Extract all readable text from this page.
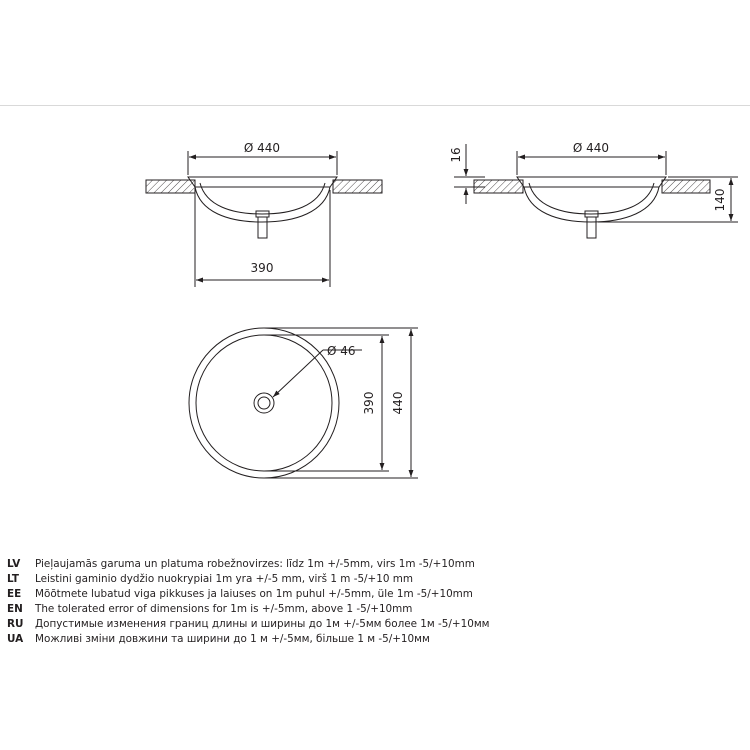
Ø 440
390
Ø 440
16
140
Ø 46
390 440
LV Pieļaujamās garuma un platuma robežnovirzes: līdz 1m +/-5mm, virs 1m -5/+10mm
LT Leistini gaminio dydžio nuokrypiai 1m yra +/-5 mm, virš 1 m -5/+10 mm
EE Mõõtmete lubatud viga pikkuses ja laiuses on 1m puhul +/-5mm, üle 1m -5/+10mm
EN The tolerated error of dimensions for 1m is +/-5mm, above 1 -5/+10mm
RU Допустимые изменения границ длины и ширины до 1м +/-5мм более 1м -5/+10мм
UA Можливі зміни довжини та ширини до 1 м +/-5мм, більше 1 м -5/+10мм
